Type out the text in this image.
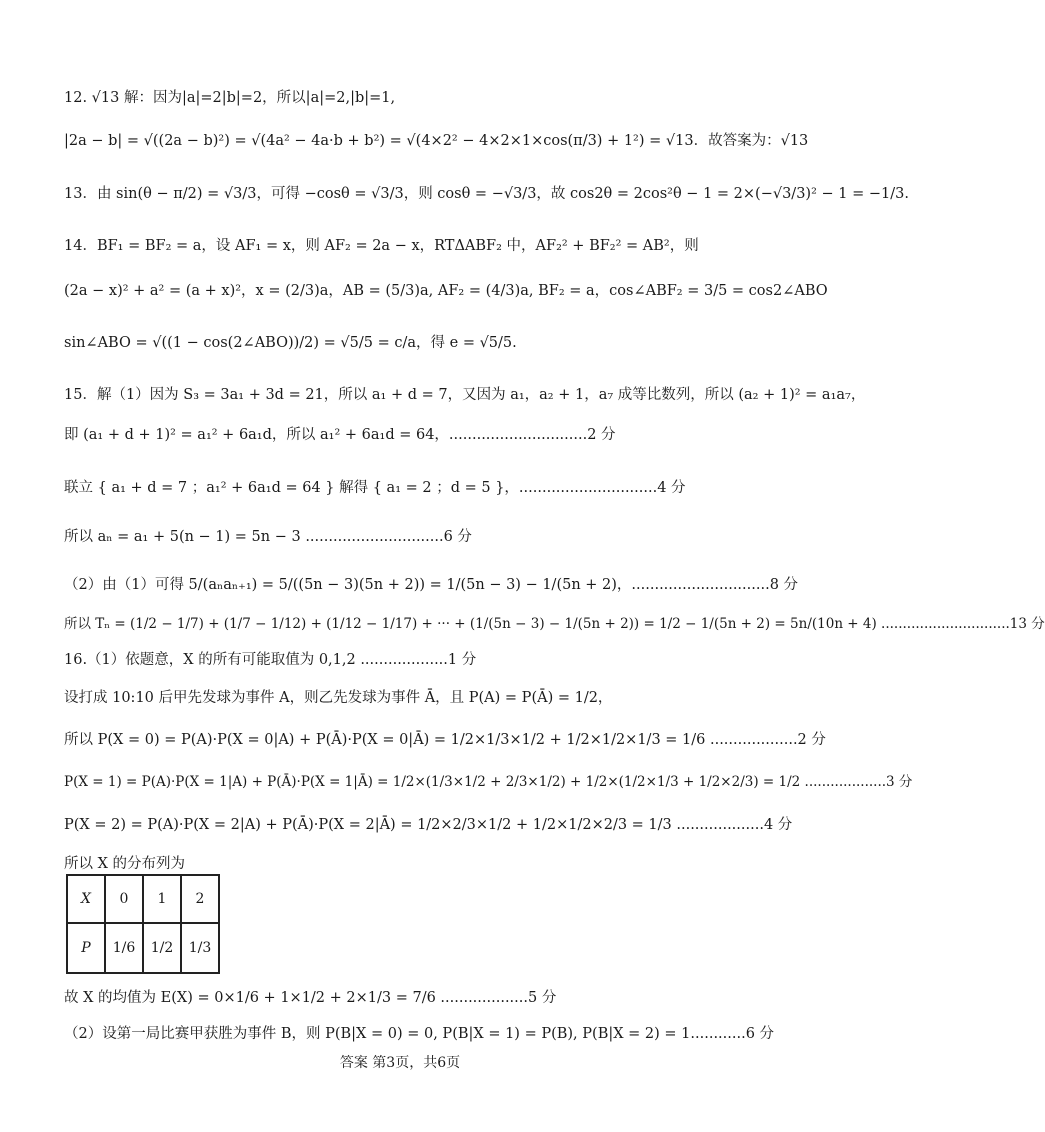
12. √13 解：因为|a|=2|b|=2，所以|a|=2,|b|=1,
|2a − b| = √((2a − b)²) = √(4a² − 4a·b + b²) = √(4×2² − 4×2×1×cos(π/3) + 1²) = √13．故答案为：√13
13．由 sin(θ − π/2) = √3/3，可得 −cosθ = √3/3，则 cosθ = −√3/3，故 cos2θ = 2cos²θ − 1 = 2×(−√3/3)² − 1 = −1/3.
14．BF₁ = BF₂ = a，设 AF₁ = x，则 AF₂ = 2a − x，RTΔABF₂ 中，AF₂² + BF₂² = AB²，则
(2a − x)² + a² = (a + x)²，x = (2/3)a，AB = (5/3)a, AF₂ = (4/3)a, BF₂ = a，cos∠ABF₂ = 3/5 = cos2∠ABO
sin∠ABO = √((1 − cos(2∠ABO))/2) = √5/5 = c/a，得 e = √5/5.
15．解（1）因为 S₃ = 3a₁ + 3d = 21，所以 a₁ + d = 7，又因为 a₁，a₂ + 1，a₇ 成等比数列，所以 (a₂ + 1)² = a₁a₇，
即 (a₁ + d + 1)² = a₁² + 6a₁d，所以 a₁² + 6a₁d = 64，..............................2 分
联立 { a₁ + d = 7 ；a₁² + 6a₁d = 64 } 解得 { a₁ = 2 ；d = 5 }，..............................4 分
所以 aₙ = a₁ + 5(n − 1) = 5n − 3 ..............................6 分
（2）由（1）可得 5/(aₙaₙ₊₁) = 5/((5n − 3)(5n + 2)) = 1/(5n − 3) − 1/(5n + 2)，..............................8 分
所以 Tₙ = (1/2 − 1/7) + (1/7 − 1/12) + (1/12 − 1/17) + ··· + (1/(5n − 3) − 1/(5n + 2)) = 1/2 − 1/(5n + 2) = 5n/(10n + 4) ..............................13 分
16.（1）依题意，X 的所有可能取值为 0,1,2 ...................1 分
设打成 10:10 后甲先发球为事件 A，则乙先发球为事件 Ā，且 P(A) = P(Ā) = 1/2，
所以 P(X = 0) = P(A)·P(X = 0|A) + P(Ā)·P(X = 0|Ā) = 1/2×1/3×1/2 + 1/2×1/2×1/3 = 1/6 ...................2 分
P(X = 1) = P(A)·P(X = 1|A) + P(Ā)·P(X = 1|Ā) = 1/2×(1/3×1/2 + 2/3×1/2) + 1/2×(1/2×1/3 + 1/2×2/3) = 1/2 ...................3 分
P(X = 2) = P(A)·P(X = 2|A) + P(Ā)·P(X = 2|Ā) = 1/2×2/3×1/2 + 1/2×1/2×2/3 = 1/3 ...................4 分
故 X 的均值为 E(X) = 0×1/6 + 1×1/2 + 2×1/3 = 7/6 ...................5 分
（2）设第一局比赛甲获胜为事件 B，则 P(B|X = 0) = 0, P(B|X = 1) = P(B), P(B|X = 2) = 1............6 分
所以 X 的分布列为
X	0	1	2
P	1/6	1/2	1/3
答案 第3页，共6页
